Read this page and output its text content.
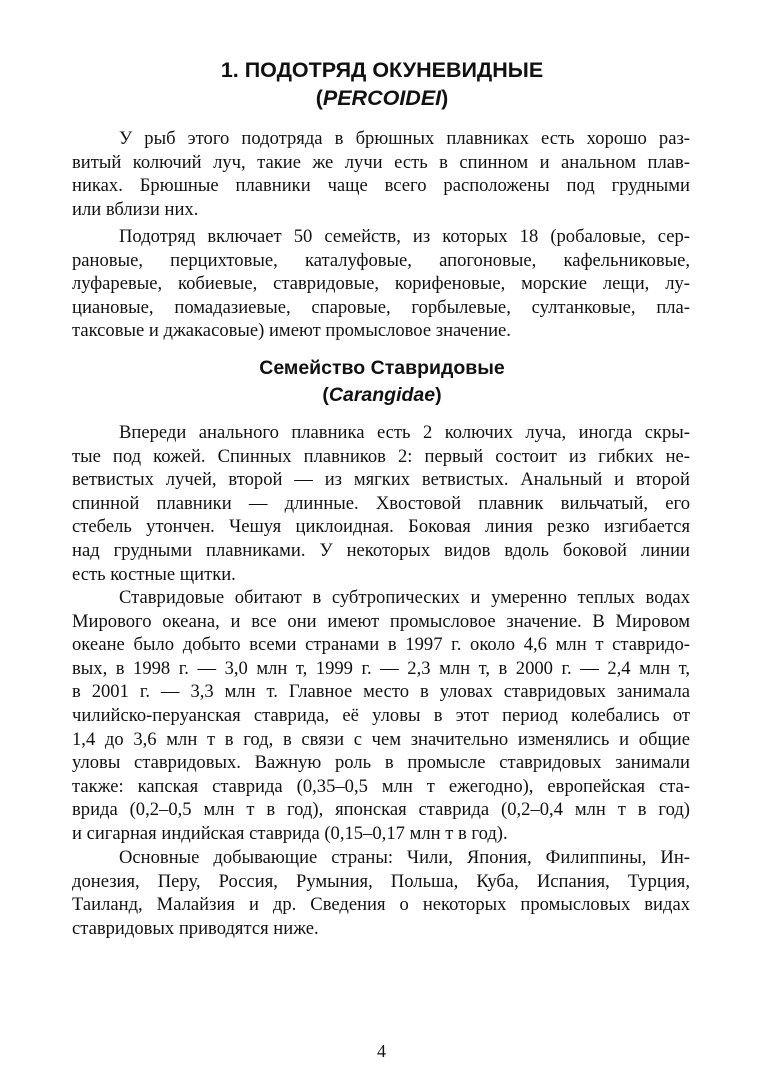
1. ПОДОТРЯД ОКУНЕВИДНЫЕ
(PERCOIDEI)
У рыб этого подотряда в брюшных плавниках есть хорошо раз-
витый колючий луч, такие же лучи есть в спинном и анальном плав-
никах. Брюшные плавники чаще всего расположены под грудными
или вблизи них.
Подотряд включает 50 семейств, из которых 18 (робаловые, сер-
рановые, перцихтовые, каталуфовые, апогоновые, кафельниковые,
луфаревые, кобиевые, ставридовые, корифеновые, морские лещи, лу-
циановые, помадазиевые, спаровые, горбылевые, султанковые, пла-
таксовые и джакасовые) имеют промысловое значение.
Семейство Ставридовые
(Carangidae)
Впереди анального плавника есть 2 колючих луча, иногда скры-
тые под кожей. Спинных плавников 2: первый состоит из гибких не-
ветвистых лучей, второй — из мягких ветвистых. Анальный и второй
спинной плавники — длинные. Хвостовой плавник вильчатый, его
стебель утончен. Чешуя циклоидная. Боковая линия резко изгибается
над грудными плавниками. У некоторых видов вдоль боковой линии
есть костные щитки.
Ставридовые обитают в субтропических и умеренно теплых водах
Мирового океана, и все они имеют промысловое значение. В Мировом
океане было добыто всеми странами в 1997 г. около 4,6 млн т ставридо-
вых, в 1998 г. — 3,0 млн т, 1999 г. — 2,3 млн т, в 2000 г. — 2,4 млн т,
в 2001 г. — 3,3 млн т. Главное место в уловах ставридовых занимала
чилийско-перуанская ставрида, её уловы в этот период колебались от
1,4 до 3,6 млн т в год, в связи с чем значительно изменялись и общие
уловы ставридовых. Важную роль в промысле ставридовых занимали
также: капская ставрида (0,35–0,5 млн т ежегодно), европейская ста-
врида (0,2–0,5 млн т в год), японская ставрида (0,2–0,4 млн т в год)
и сигарная индийская ставрида (0,15–0,17 млн т в год).
Основные добывающие страны: Чили, Япония, Филиппины, Ин-
донезия, Перу, Россия, Румыния, Польша, Куба, Испания, Турция,
Таиланд, Малайзия и др. Сведения о некоторых промысловых видах
ставридовых приводятся ниже.
4
